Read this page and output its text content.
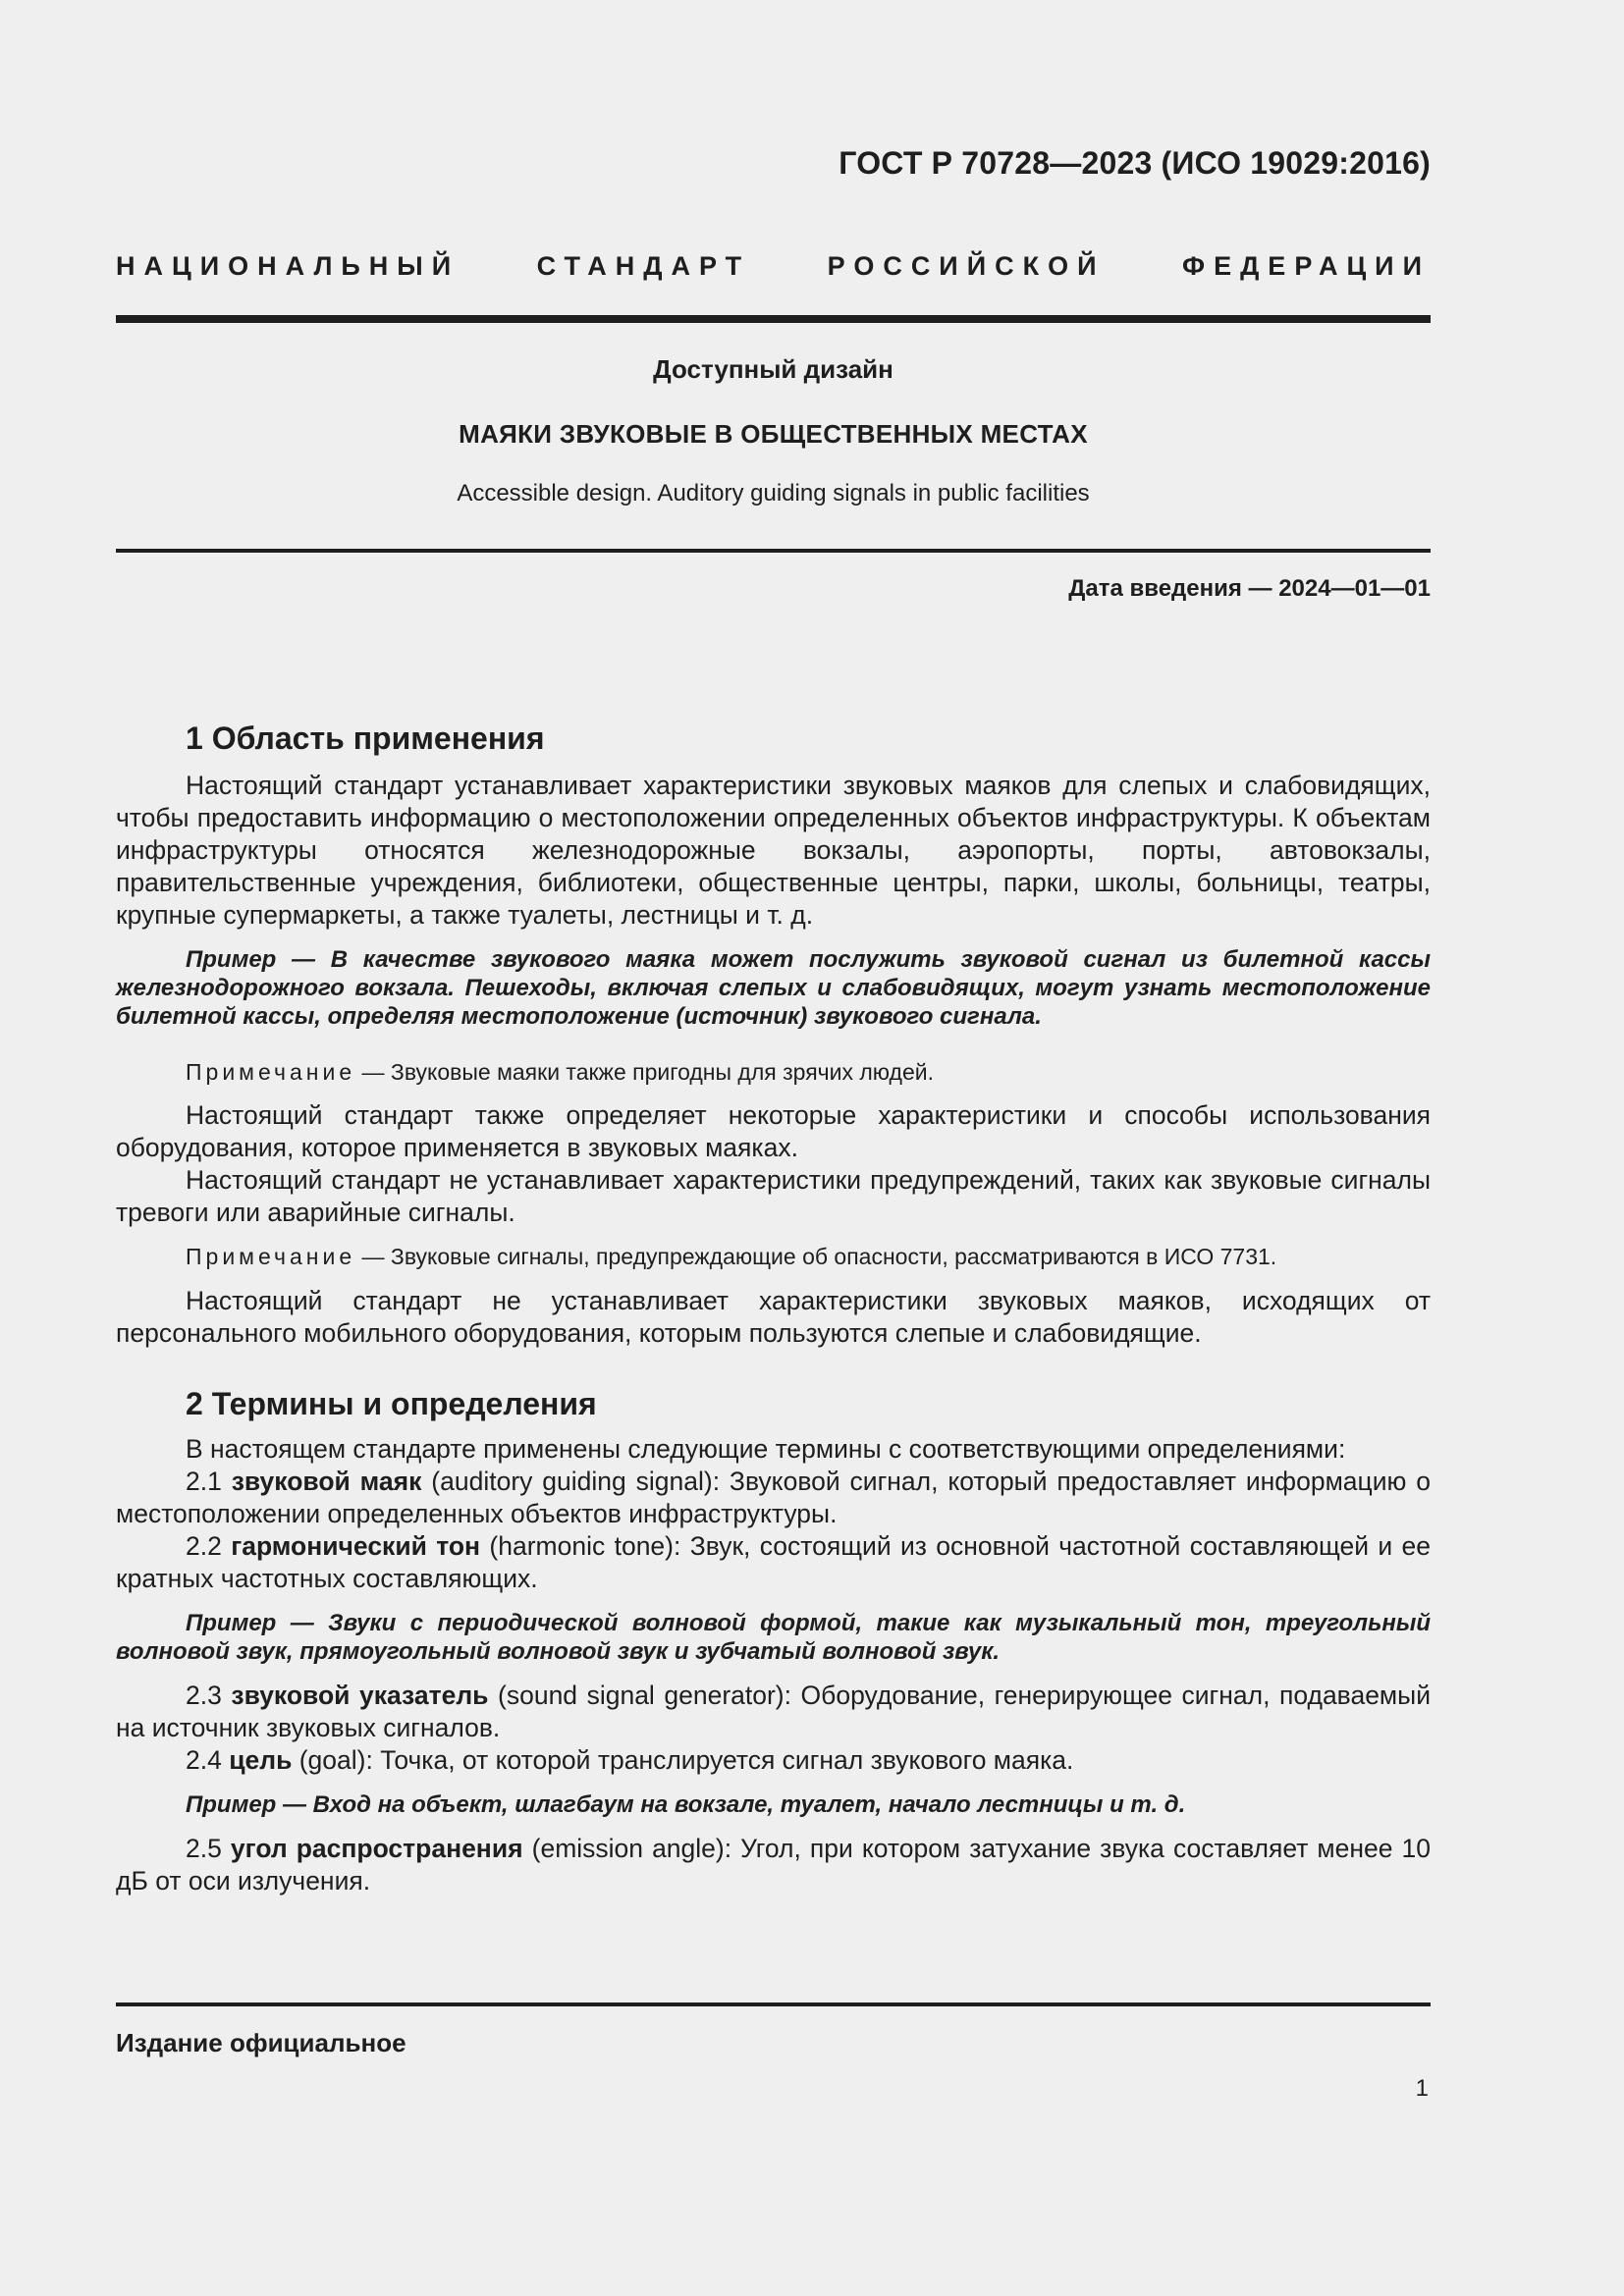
ГОСТ Р 70728—2023 (ИСО 19029:2016)
НАЦИОНАЛЬНЫЙ СТАНДАРТ РОССИЙСКОЙ ФЕДЕРАЦИИ
Доступный дизайн
МАЯКИ ЗВУКОВЫЕ В ОБЩЕСТВЕННЫХ МЕСТАХ
Accessible design. Auditory guiding signals in public facilities
Дата введения — 2024—01—01
1 Область применения

Настоящий стандарт устанавливает характеристики звуковых маяков для слепых и слабовидящих, чтобы предоставить информацию о местоположении определенных объектов инфраструктуры. К объектам инфраструктуры относятся железнодорожные вокзалы, аэропорты, порты, автовокзалы, правительственные учреждения, библиотеки, общественные центры, парки, школы, больницы, театры, крупные супермаркеты, а также туалеты, лестницы и т. д.

Пример — В качестве звукового маяка может послужить звуковой сигнал из билетной кассы железнодорожного вокзала. Пешеходы, включая слепых и слабовидящих, могут узнать местоположение билетной кассы, определяя местоположение (источник) звукового сигнала.

Примечание — Звуковые маяки также пригодны для зрячих людей.

Настоящий стандарт также определяет некоторые характеристики и способы использования оборудования, которое применяется в звуковых маяках.

Настоящий стандарт не устанавливает характеристики предупреждений, таких как звуковые сигналы тревоги или аварийные сигналы.

Примечание — Звуковые сигналы, предупреждающие об опасности, рассматриваются в ИСО 7731.

Настоящий стандарт не устанавливает характеристики звуковых маяков, исходящих от персонального мобильного оборудования, которым пользуются слепые и слабовидящие.

2 Термины и определения

В настоящем стандарте применены следующие термины с соответствующими определениями:

2.1 звуковой маяк (auditory guiding signal): Звуковой сигнал, который предоставляет информацию о местоположении определенных объектов инфраструктуры.

2.2 гармонический тон (harmonic tone): Звук, состоящий из основной частотной составляющей и ее кратных частотных составляющих.

Пример — Звуки с периодической волновой формой, такие как музыкальный тон, треугольный волновой звук, прямоугольный волновой звук и зубчатый волновой звук.

2.3 звуковой указатель (sound signal generator): Оборудование, генерирующее сигнал, подаваемый на источник звуковых сигналов.

2.4 цель (goal): Точка, от которой транслируется сигнал звукового маяка.

Пример — Вход на объект, шлагбаум на вокзале, туалет, начало лестницы и т. д.

2.5 угол распространения (emission angle): Угол, при котором затухание звука составляет менее 10 дБ от оси излучения.

Издание официальное
1
